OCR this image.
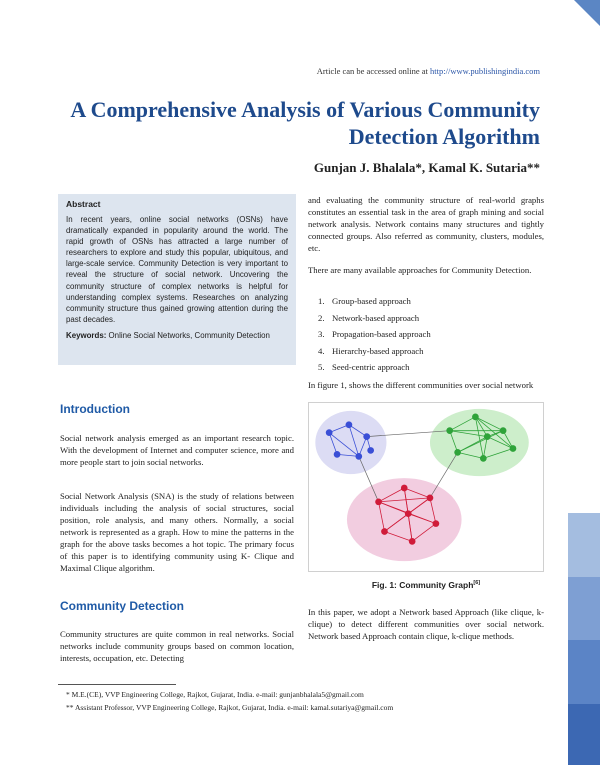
Article can be accessed online at http://www.publishingindia.com
A Comprehensive Analysis of Various Community Detection Algorithm
Gunjan J. Bhalala*, Kamal K. Sutaria**
Abstract

In recent years, online social networks (OSNs) have dramatically expanded in popularity around the world. The rapid growth of OSNs has attracted a large number of researchers to explore and study this popular, ubiquitous, and large-scale service. Community Detection is very important to reveal the structure of social network. Uncovering the community structure of complex networks is helpful for understanding complex systems. Researches on analyzing community structure thus gained growing attention during the past decades.

Keywords: Online Social Networks, Community Detection

Introduction

Social network analysis emerged as an important research topic. With the development of Internet and computer science, more and more people start to join social networks.

Social Network Analysis (SNA) is the study of relations between individuals including the analysis of social structures, social position, role analysis, and many others. Normally, a social network is represented as a graph. How to mine the patterns in the graph for the above tasks becomes a hot topic. The primary focus of this paper is to identifying community using K- Clique and Maximal Clique algorithm.

Community Detection

Community structures are quite common in real networks. Social networks include community groups based on common location, interests, occupation, etc. Detecting

and evaluating the community structure of real-world graphs constitutes an essential task in the area of graph mining and social network analysis. Network contains many structures and tightly connected groups. Also referred as community, clusters, modules, etc.

There are many available approaches for Community Detection.

1. Group-based approach
2. Network-based approach
3. Propagation-based approach
4. Hierarchy-based approach
5. Seed-centric approach

In figure 1, shows the different communities over social network

Fig. 1: Community Graph[6]

In this paper, we adopt a Network based Approach (like clique, k-clique) to detect different communities over social network. Network based Approach contain clique, k-clique methods.

* M.E.(CE), VVP Engineering College, Rajkot, Gujarat, India. e-mail: gunjanbhalala5@gmail.com
** Assistant Professor, VVP Engineering College, Rajkot, Gujarat, India. e-mail: kamal.sutariya@gmail.com
